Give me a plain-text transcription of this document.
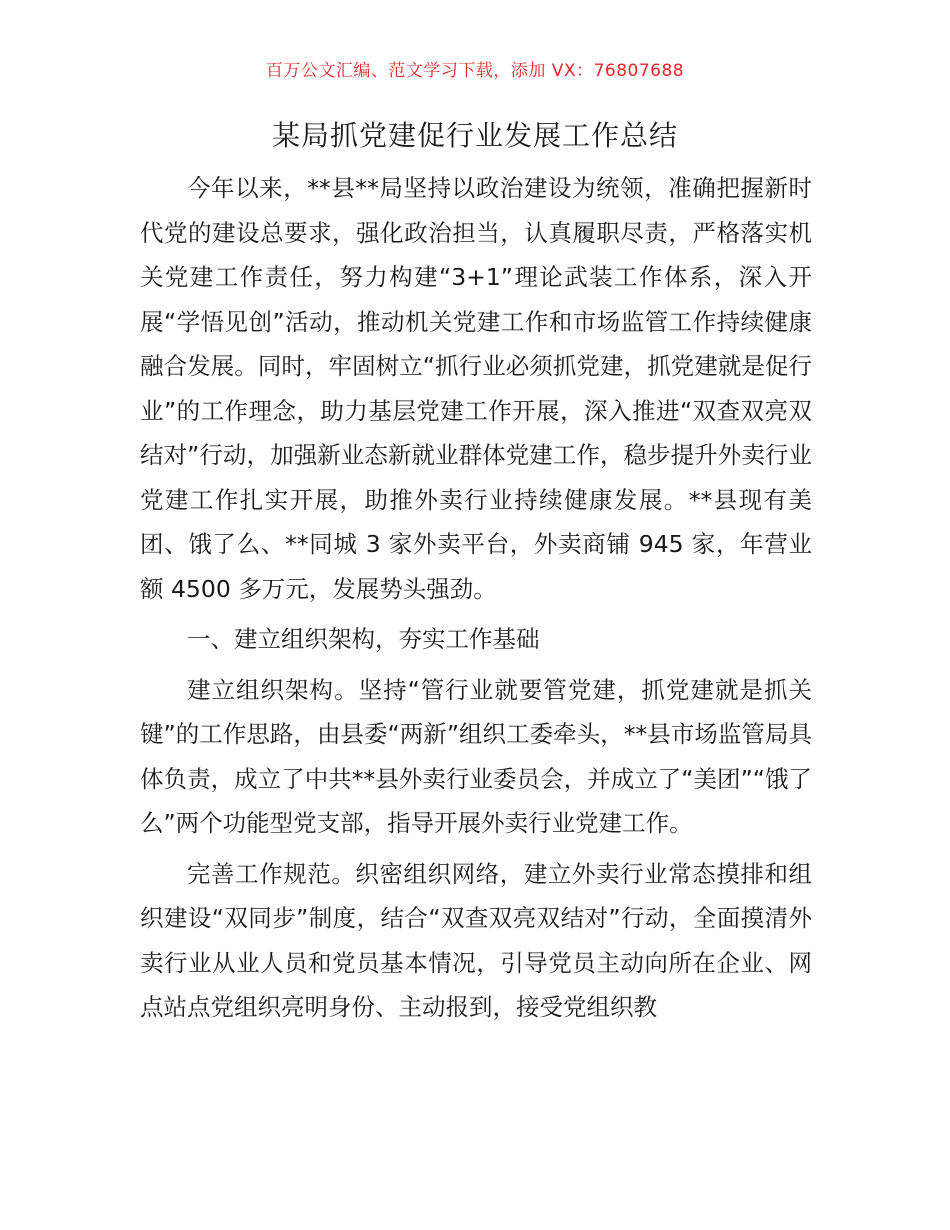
百万公文汇编、范文学习下载，添加 VX：76807688
某局抓党建促行业发展工作总结

今年以来，**县**局坚持以政治建设为统领，准确把握新时代党的建设总要求，强化政治担当，认真履职尽责，严格落实机关党建工作责任，努力构建“3+1”理论武装工作体系，深入开展“学悟见创”活动，推动机关党建工作和市场监管工作持续健康融合发展。同时，牢固树立“抓行业必须抓党建，抓党建就是促行业”的工作理念，助力基层党建工作开展，深入推进“双查双亮双结对”行动，加强新业态新就业群体党建工作，稳步提升外卖行业党建工作扎实开展，助推外卖行业持续健康发展。**县现有美团、饿了么、**同城 3 家外卖平台，外卖商铺 945 家，年营业额 4500 多万元，发展势头强劲。

一、建立组织架构，夯实工作基础

建立组织架构。坚持“管行业就要管党建，抓党建就是抓关键”的工作思路，由县委“两新”组织工委牵头，**县市场监管局具体负责，成立了中共**县外卖行业委员会，并成立了“美团”“饿了么”两个功能型党支部，指导开展外卖行业党建工作。

完善工作规范。织密组织网络，建立外卖行业常态摸排和组织建设“双同步”制度，结合“双查双亮双结对”行动，全面摸清外卖行业从业人员和党员基本情况，引导党员主动向所在企业、网点站点党组织亮明身份、主动报到，接受党组织教
